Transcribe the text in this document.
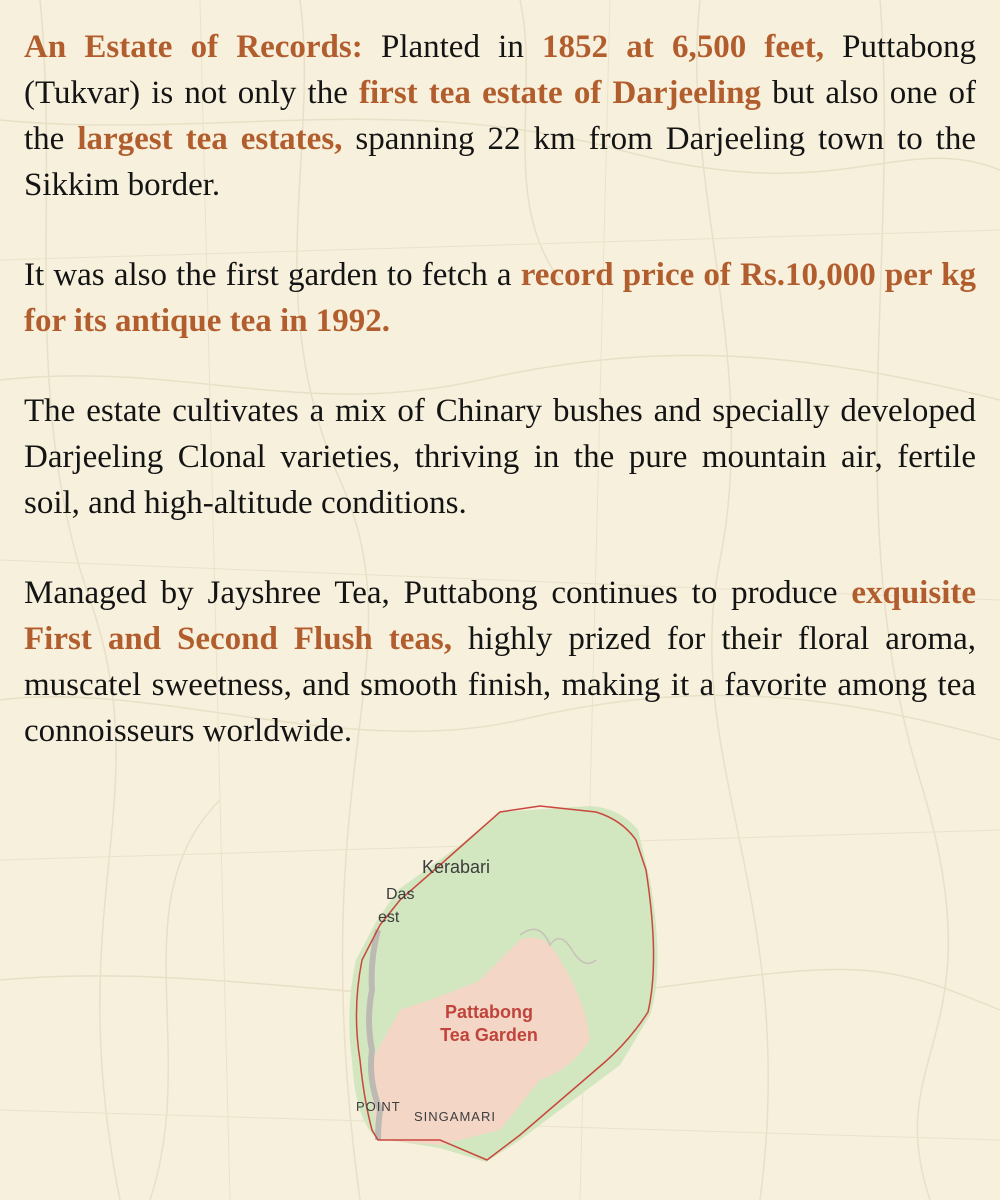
An Estate of Records: Planted in 1852 at 6,500 feet, Puttabong (Tukvar) is not only the first tea estate of Darjeeling but also one of the largest tea estates, spanning 22 km from Darjeeling town to the Sikkim border.

It was also the first garden to fetch a record price of Rs.10,000 per kg for its antique tea in 1992.

The estate cultivates a mix of Chinary bushes and specially developed Darjeeling Clonal varieties, thriving in the pure mountain air, fertile soil, and high-altitude conditions.

Managed by Jayshree Tea, Puttabong continues to produce exquisite First and Second Flush teas, highly prized for their floral aroma, muscatel sweetness, and smooth finish, making it a favorite among tea connoisseurs worldwide.

Kerabari
Das
est
Pattabong
Tea Garden
POINT
SINGAMARI
